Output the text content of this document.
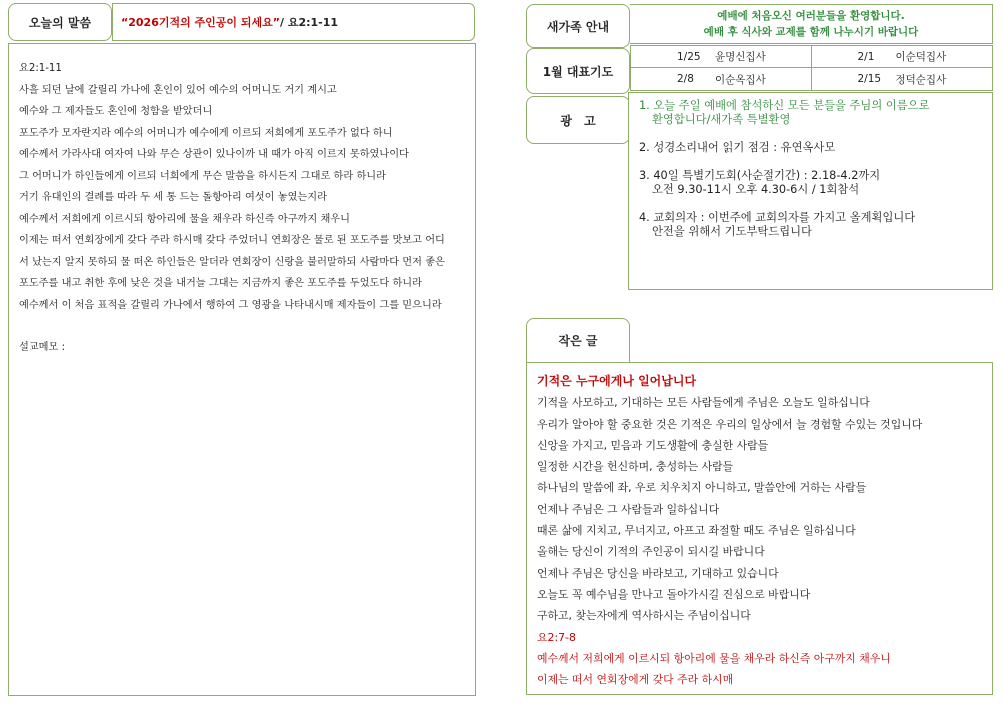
오늘의 말씀	“2026기적의 주인공이 되세요” / 요2:1-11
요2:1-11
사흘 되던 날에 갈릴리 가나에 혼인이 있어 예수의 어머니도 거기 계시고
예수와 그 제자들도 혼인에 청함을 받았더니
포도주가 모자란지라 예수의 어머니가 예수에게 이르되 저희에게 포도주가 없다 하니
예수께서 가라사대 여자여 나와 무슨 상관이 있나이까 내 때가 아직 이르지 못하였나이다
그 어머니가 하인들에게 이르되 너희에게 무슨 말씀을 하시든지 그대로 하라 하니라
거기 유대인의 결례를 따라 두 세 통 드는 돌항아리 여섯이 놓였는지라
예수께서 저희에게 이르시되 항아리에 물을 채우라 하신즉 아구까지 채우니
이제는 떠서 연회장에게 갖다 주라 하시매 갖다 주었더니 연회장은 물로 된 포도주를 맛보고 어디
서 났는지 알지 못하되 물 떠온 하인들은 알더라 연회장이 신랑을 불러말하되 사람마다 먼저 좋은
포도주를 내고 취한 후에 낮은 것을 내거늘 그대는 지금까지 좋은 포도주를 두었도다 하니라
예수께서 이 처음 표적을 갈릴리 가나에서 행하여 그 영광을 나타내시매 제자들이 그를 믿으니라
설교메모 :
새가족 안내
예배에 처음오신 여러분들을 환영합니다.
예배 후 식사와 교제를 함께 나누시기 바랍니다
1월 대표기도
1/25	윤명신집사	2/1	이순덕집사
2/8	이순옥집사	2/15	정덕순집사
광　고
1. 오늘 주일 예배에 참석하신 모든 분들을 주님의 이름으로
환영합니다/새가족 특별환영
2. 성경소리내어 읽기 점검 : 유연옥사모
3. 40일 특별기도회(사순절기간) : 2.18-4.2까지
오전 9.30-11시 오후 4.30-6시 / 1회참석
4. 교회의자 : 이번주에 교회의자를 가지고 올계획입니다
안전을 위해서 기도부탁드립니다
작은 글
기적은 누구에게나 일어납니다
기적을 사모하고, 기대하는 모든 사람들에게 주님은 오늘도 일하십니다
우리가 알아야 할 중요한 것은 기적은 우리의 일상에서 늘 경험할 수있는 것입니다
신앙을 가지고, 믿음과 기도생활에 충실한 사람들
일정한 시간을 헌신하며, 충성하는 사람들
하나님의 말씀에 좌, 우로 치우치지 아니하고, 말씀안에 거하는 사람들
언제나 주님은 그 사람들과 일하십니다
때론 삶에 지치고, 무너지고, 아프고 좌절할 때도 주님은 일하십니다
올해는 당신이 기적의 주인공이 되시길 바랍니다
언제나 주님은 당신을 바라보고, 기대하고 있습니다
오늘도 꼭 예수님을 만나고 돌아가시길 진심으로 바랍니다
구하고, 찾는자에게 역사하시는 주님이십니다
요2:7-8
예수께서 저희에게 이르시되 항아리에 물을 채우라 하신즉 아구까지 채우니
이제는 떠서 연회장에게 갖다 주라 하시매
